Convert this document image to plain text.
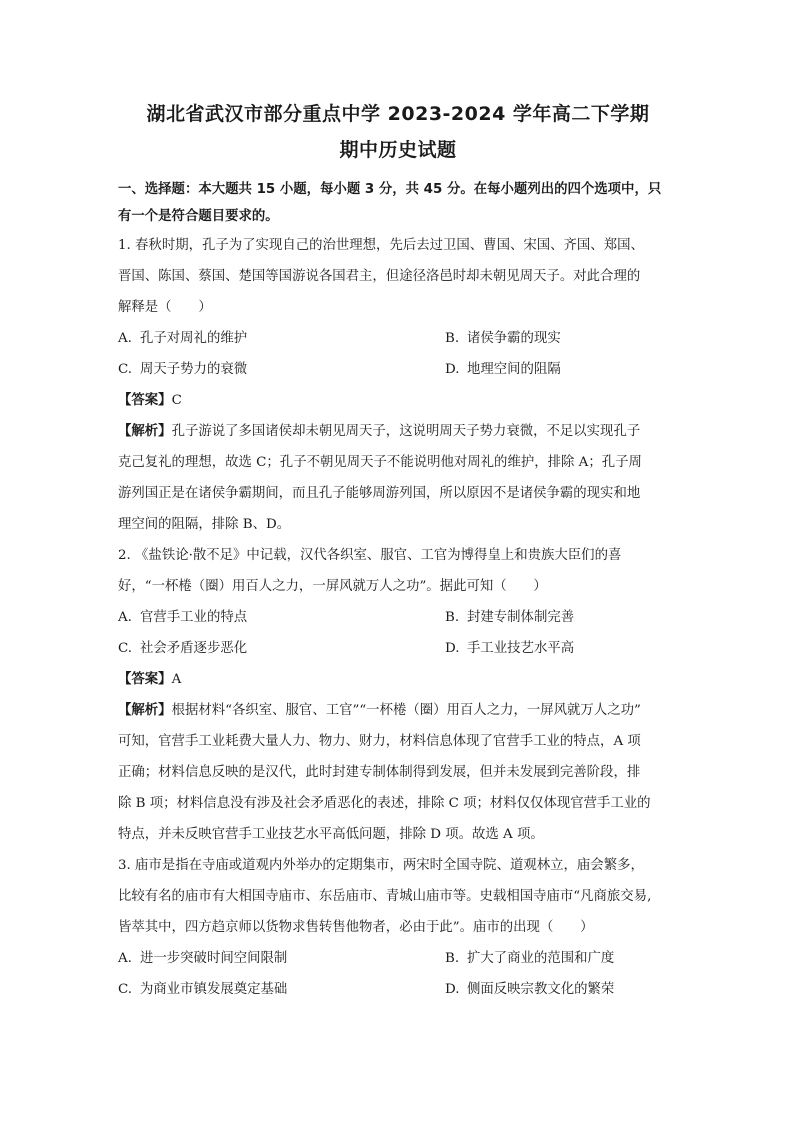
湖北省武汉市部分重点中学 2023-2024 学年高二下学期
期中历史试题

一、选择题：本大题共 15 小题，每小题 3 分，共 45 分。在每小题列出的四个选项中，只

有一个是符合题目要求的。

1. 春秋时期，孔子为了实现自己的治世理想，先后去过卫国、曹国、宋国、齐国、郑国、

晋国、陈国、蔡国、楚国等国游说各国君主，但途径洛邑时却未朝见周天子。对此合理的

解释是（　　）

A. 孔子对周礼的维护	B. 诸侯争霸的现实
C. 周天子势力的衰微	D. 地理空间的阻隔

【答案】C

【解析】孔子游说了多国诸侯却未朝见周天子，这说明周天子势力衰微，不足以实现孔子

克己复礼的理想，故选 C；孔子不朝见周天子不能说明他对周礼的维护，排除 A；孔子周

游列国正是在诸侯争霸期间，而且孔子能够周游列国，所以原因不是诸侯争霸的现实和地

理空间的阻隔，排除 B、D。

2. 《盐铁论·散不足》中记载，汉代各织室、服官、工官为博得皇上和贵族大臣们的喜

好，“一杯棬（圈）用百人之力，一屏风就万人之功”。据此可知（　　）

A. 官营手工业的特点	B. 封建专制体制完善
C. 社会矛盾逐步恶化	D. 手工业技艺水平高

【答案】A

【解析】根据材料“各织室、服官、工官”“一杯棬（圈）用百人之力，一屏风就万人之功”

可知，官营手工业耗费大量人力、物力、财力，材料信息体现了官营手工业的特点，A 项

正确；材料信息反映的是汉代，此时封建专制体制得到发展，但并未发展到完善阶段，排

除 B 项；材料信息没有涉及社会矛盾恶化的表述，排除 C 项；材料仅仅体现官营手工业的

特点，并未反映官营手工业技艺水平高低问题，排除 D 项。故选 A 项。

3. 庙市是指在寺庙或道观内外举办的定期集市，两宋时全国寺院、道观林立，庙会繁多，

比较有名的庙市有大相国寺庙市、东岳庙市、青城山庙市等。史载相国寺庙市“凡商旅交易,

皆萃其中，四方趋京师以货物求售转售他物者，必由于此”。庙市的出现（　　）

A. 进一步突破时间空间限制	B. 扩大了商业的范围和广度
C. 为商业市镇发展奠定基础	D. 侧面反映宗教文化的繁荣
